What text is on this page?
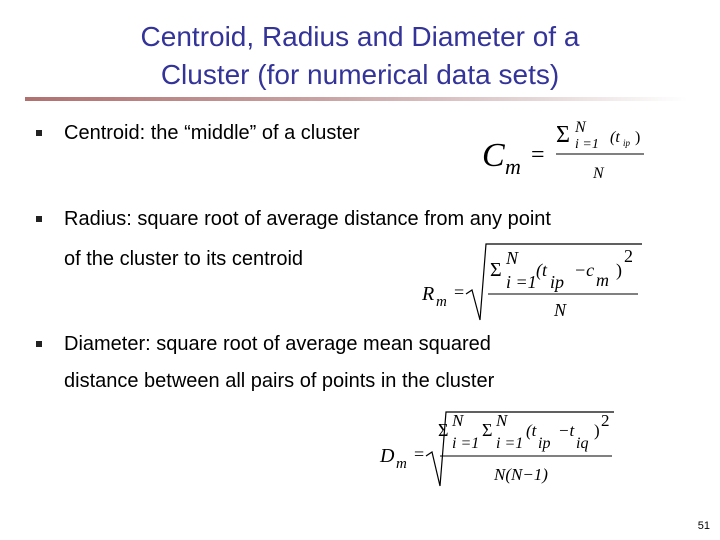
Centroid, Radius and Diameter of a
Cluster (for numerical data sets)
Centroid: the “middle” of a cluster
C m =
Σ N
i =1 (t ip )
N
Radius: square root of average distance from any point
of the cluster to its centroid
R m =
Σ
N
i =1
(t
ip
−c m )
2
N
Diameter: square root of average mean squared
distance between all pairs of points in the cluster
D m =
Σ N
i =1
Σ N
i =1
(t
ip
−t
iq
)
2
N(N−1)
51
